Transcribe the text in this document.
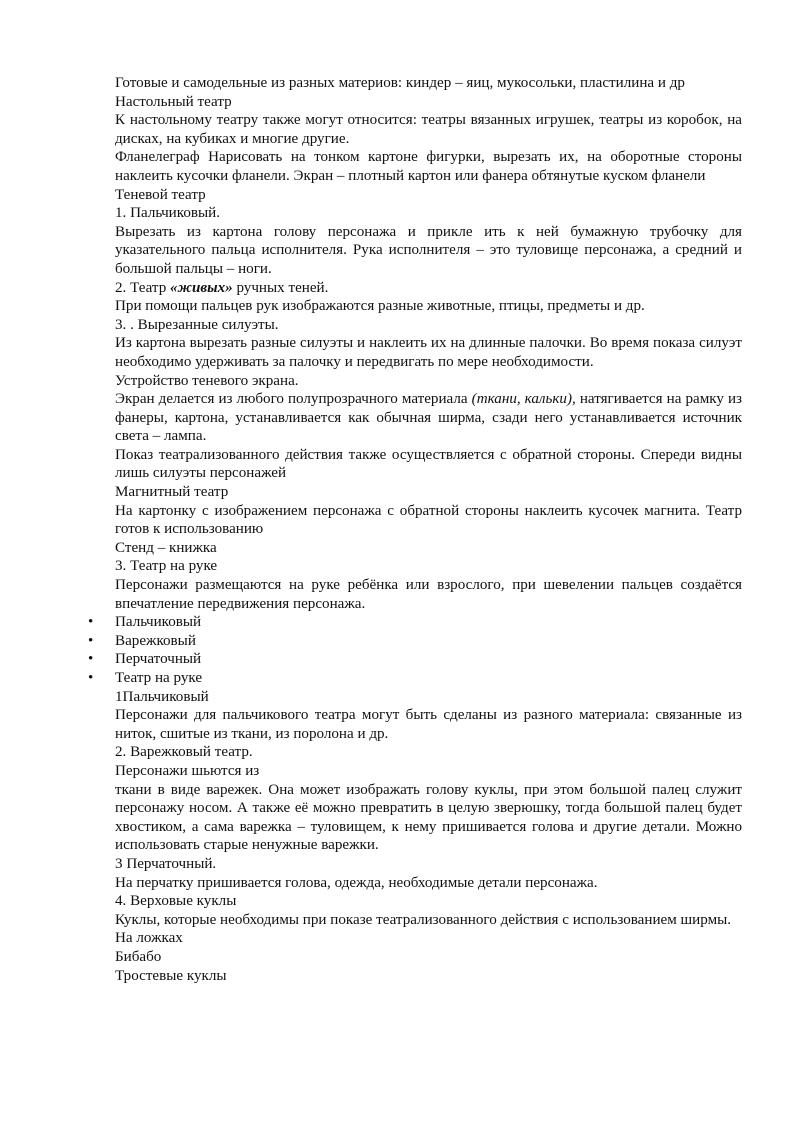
Готовые и самодельные из разных материов: киндер – яиц, мукосольки, пластилина и др

Настольный театр

К настольному театру также могут относится: театры вязанных игрушек, театры из коробок, на дисках, на кубиках и многие другие.

Фланелеграф Нарисовать на тонком картоне фигурки, вырезать их, на оборотные стороны наклеить кусочки фланели. Экран – плотный картон или фанера обтянутые куском фланели

Теневой театр

1. Пальчиковый.

Вырезать из картона голову персонажа и прикле ить к ней бумажную трубочку для указательного пальца исполнителя. Рука исполнителя – это туловище персонажа, а средний и большой пальцы – ноги.

2. Театр «живых» ручных теней.

При помощи пальцев рук изображаются разные животные, птицы, предметы и др.

3. . Вырезанные силуэты.

Из картона вырезать разные силуэты и наклеить их на длинные палочки. Во время показа силуэт необходимо удерживать за палочку и передвигать по мере необходимости.

Устройство теневого экрана.

Экран делается из любого полупрозрачного материала (ткани, кальки), натягивается на рамку из фанеры, картона, устанавливается как обычная ширма, сзади него устанавливается источник света – лампа.

Показ театрализованного действия также осуществляется с обратной стороны. Спереди видны лишь силуэты персонажей

Магнитный театр

На картонку с изображением персонажа с обратной стороны наклеить кусочек магнита. Театр готов к использованию

Стенд – книжка

3. Театр на руке

Персонажи размещаются на руке ребёнка или взрослого, при шевелении пальцев создаётся впечатление передвижения персонажа.

• Пальчиковый
• Варежковый
• Перчаточный
• Театр на руке

1Пальчиковый

Персонажи для пальчикового театра могут быть сделаны из разного материала: связанные из ниток, сшитые из ткани, из поролона и др.

2. Варежковый театр.

Персонажи шьются из

ткани в виде варежек. Она может изображать голову куклы, при этом большой палец служит персонажу носом. А также её можно превратить в целую зверюшку, тогда большой палец будет хвостиком, а сама варежка – туловищем, к нему пришивается голова и другие детали. Можно использовать старые ненужные варежки.

3 Перчаточный.

На перчатку пришивается голова, одежда, необходимые детали персонажа.

4. Верховые куклы

Куклы, которые необходимы при показе театрализованного действия с использованием ширмы.

На ложках

Бибабо

Тростевые куклы
